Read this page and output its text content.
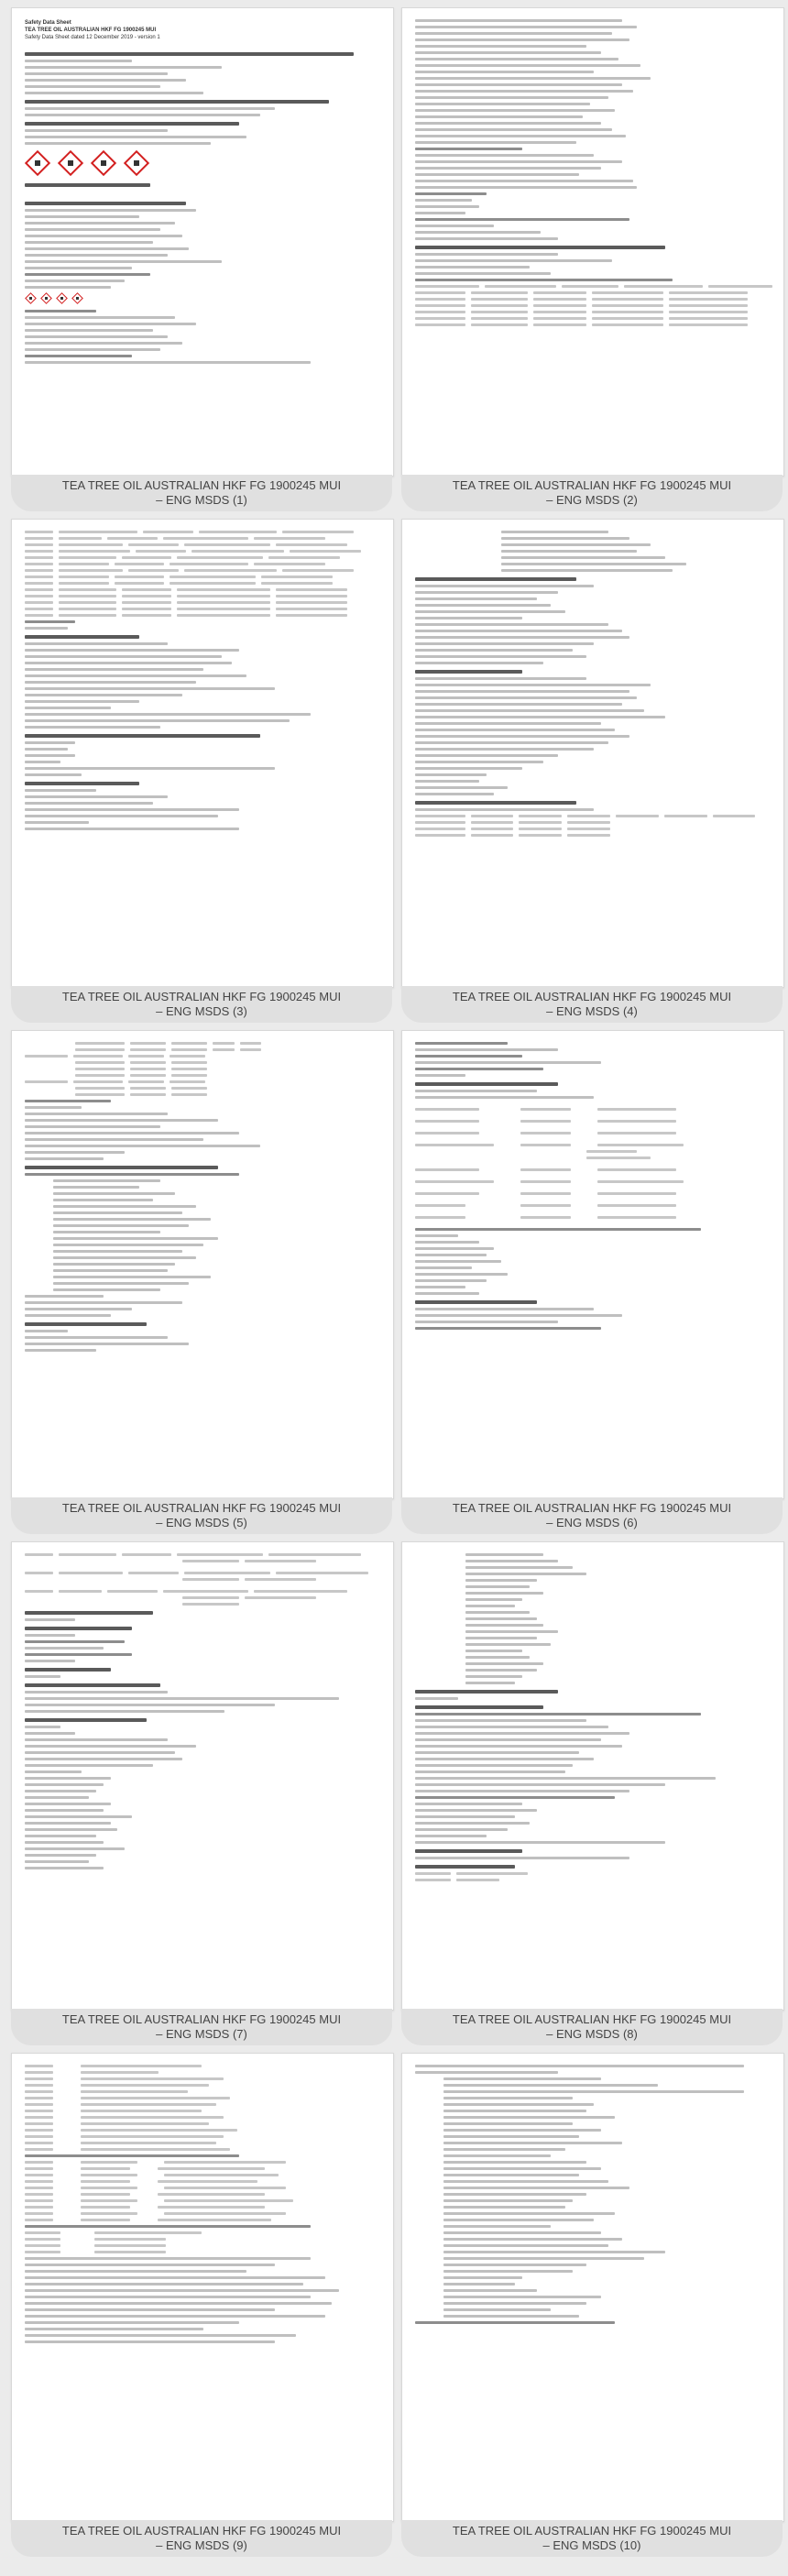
Safety Data Sheet
TEA TREE OIL AUSTRALIAN HKF FG 1900245 MUI
Safety Data Sheet dated 12 December 2019 - version 1
TEA TREE OIL AUSTRALIAN HKF FG 1900245 MUI
– ENG MSDS (1)
TEA TREE OIL AUSTRALIAN HKF FG 1900245 MUI
– ENG MSDS (2)
TEA TREE OIL AUSTRALIAN HKF FG 1900245 MUI
– ENG MSDS (3)
TEA TREE OIL AUSTRALIAN HKF FG 1900245 MUI
– ENG MSDS (4)
TEA TREE OIL AUSTRALIAN HKF FG 1900245 MUI
– ENG MSDS (5)
TEA TREE OIL AUSTRALIAN HKF FG 1900245 MUI
– ENG MSDS (6)
TEA TREE OIL AUSTRALIAN HKF FG 1900245 MUI
– ENG MSDS (7)
TEA TREE OIL AUSTRALIAN HKF FG 1900245 MUI
– ENG MSDS (8)
TEA TREE OIL AUSTRALIAN HKF FG 1900245 MUI
– ENG MSDS (9)
TEA TREE OIL AUSTRALIAN HKF FG 1900245 MUI
– ENG MSDS (10)
